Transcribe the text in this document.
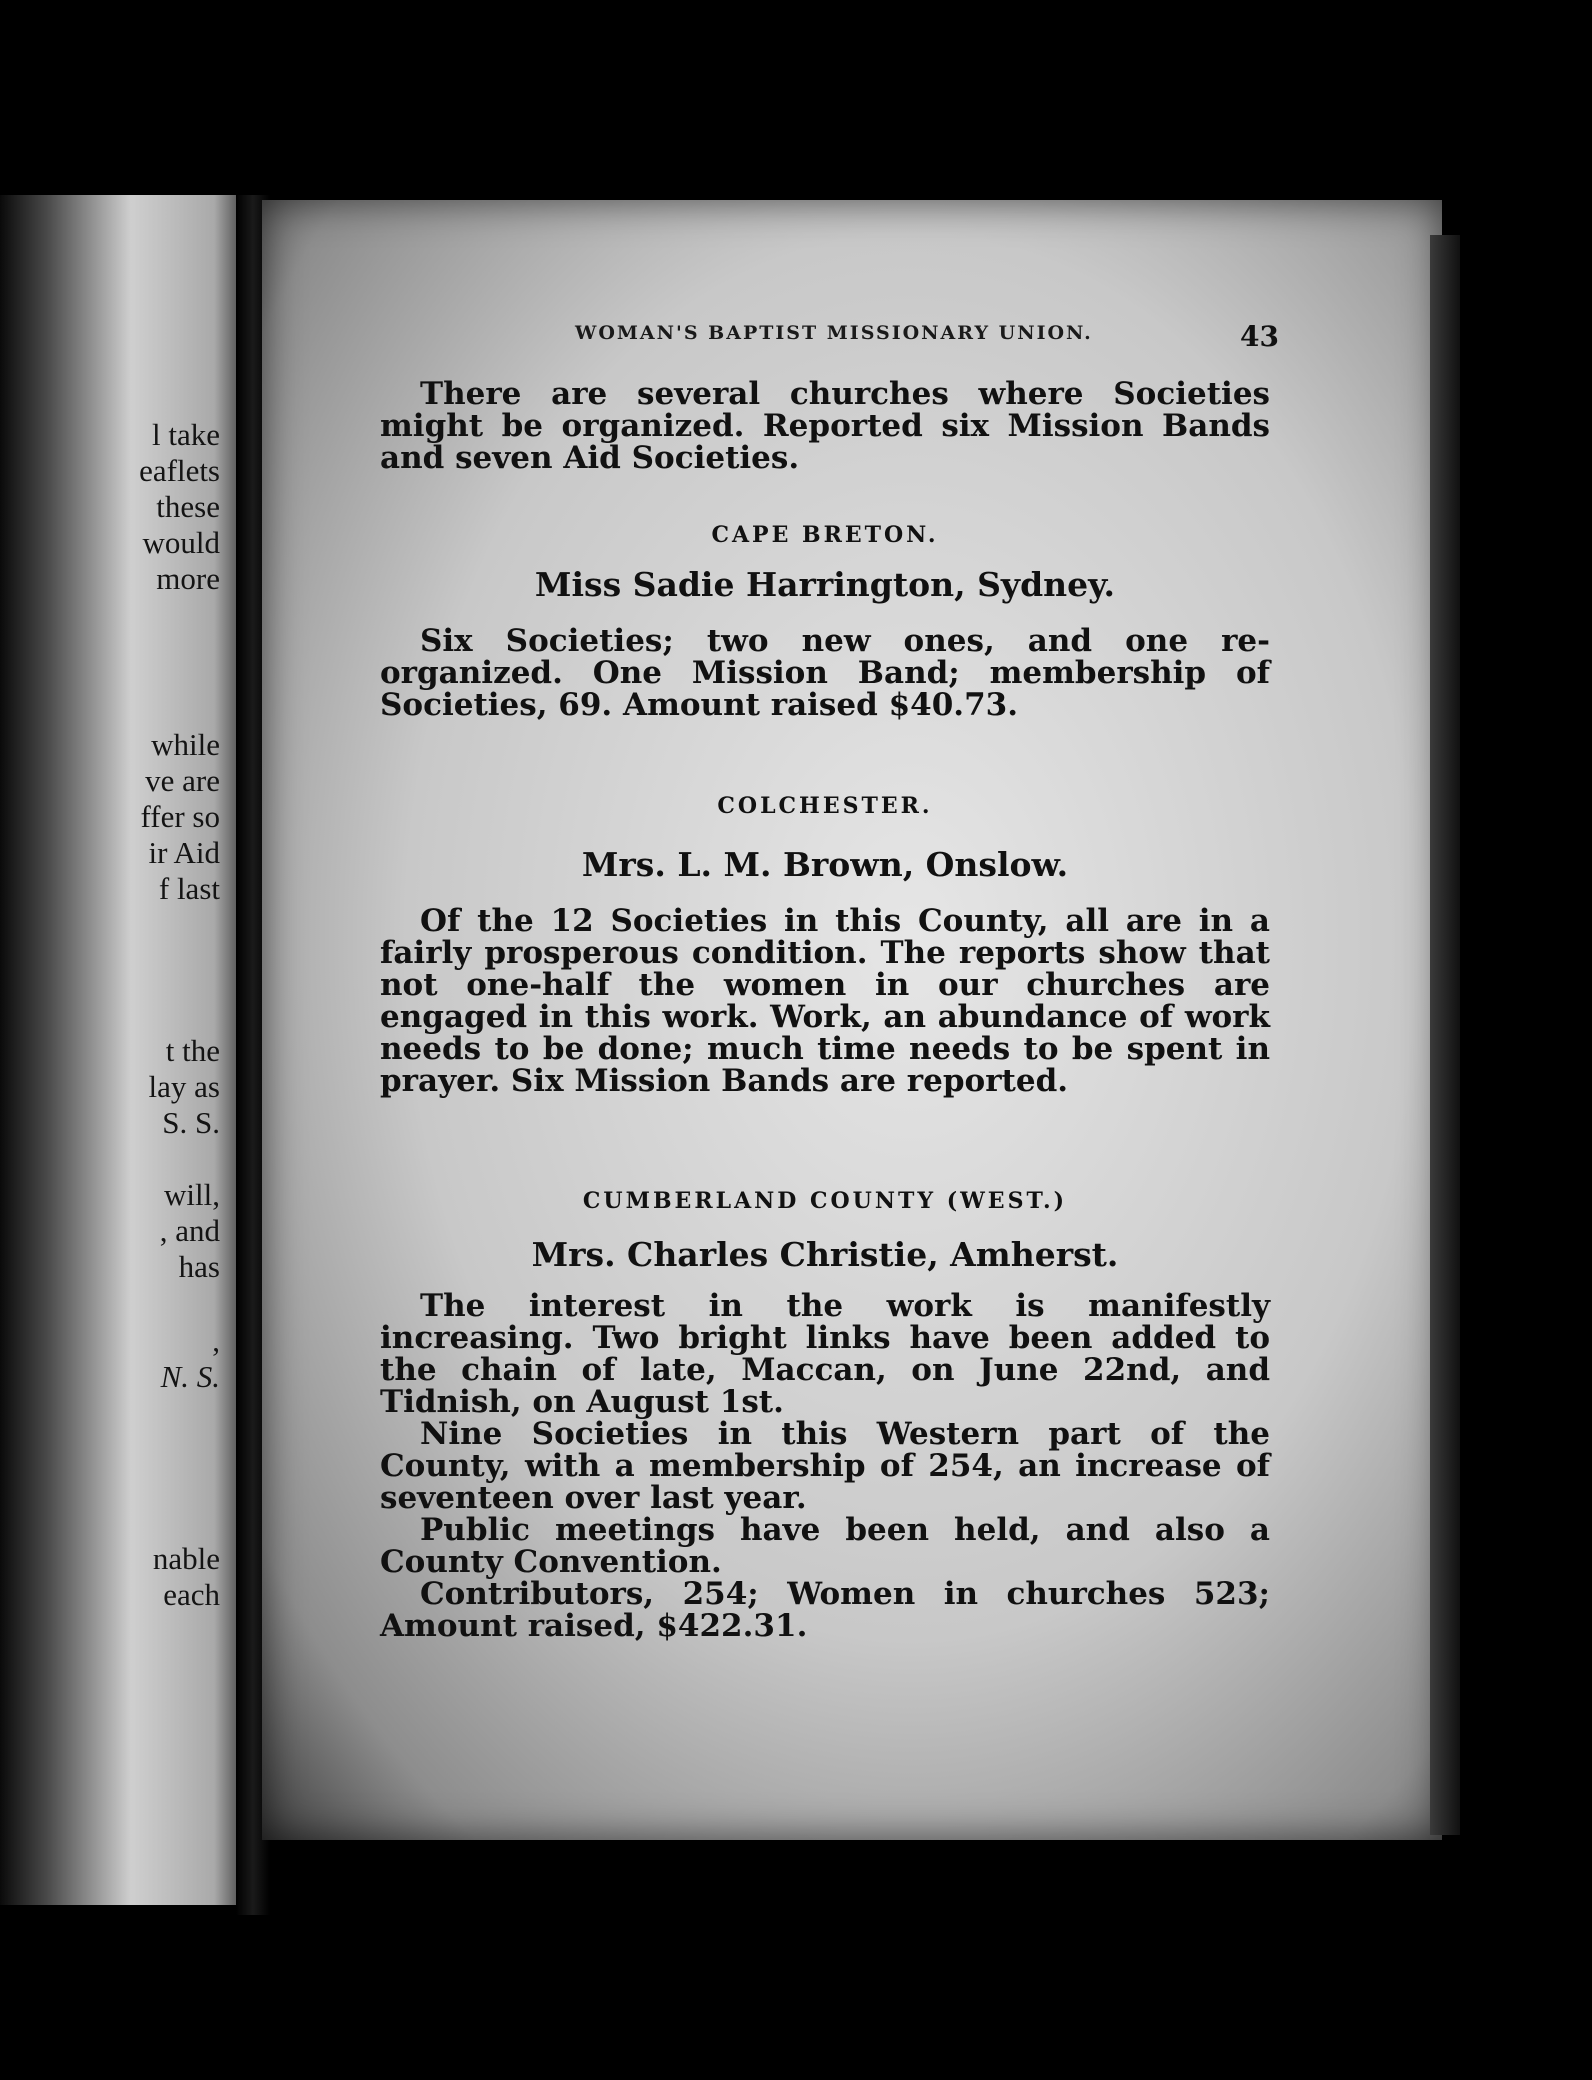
l take
eaflets
these
would
more
while
ve are
ffer so
ir Aid
f last
t the
lay as
S. S.
will,
, and
has
,
N. S.
nable
each
WOMAN'S BAPTIST MISSIONARY UNION.	43

There are several churches where Societies might be organized. Reported six Mission Bands and seven Aid Societies.

CAPE BRETON.
Miss Sadie Harrington, Sydney.

Six Societies; two new ones, and one re-organized. One Mission Band; membership of Societies, 69. Amount raised $40.73.

COLCHESTER.
Mrs. L. M. Brown, Onslow.

Of the 12 Societies in this County, all are in a fairly prosperous condition. The reports show that not one-half the women in our churches are engaged in this work. Work, an abundance of work needs to be done; much time needs to be spent in prayer. Six Mission Bands are reported.

CUMBERLAND COUNTY (WEST.)
Mrs. Charles Christie, Amherst.

The interest in the work is manifestly increasing. Two bright links have been added to the chain of late, Maccan, on June 22nd, and Tidnish, on August 1st.

Nine Societies in this Western part of the County, with a membership of 254, an increase of seventeen over last year.

Public meetings have been held, and also a County Convention.

Contributors, 254; Women in churches 523; Amount raised, $422.31.
